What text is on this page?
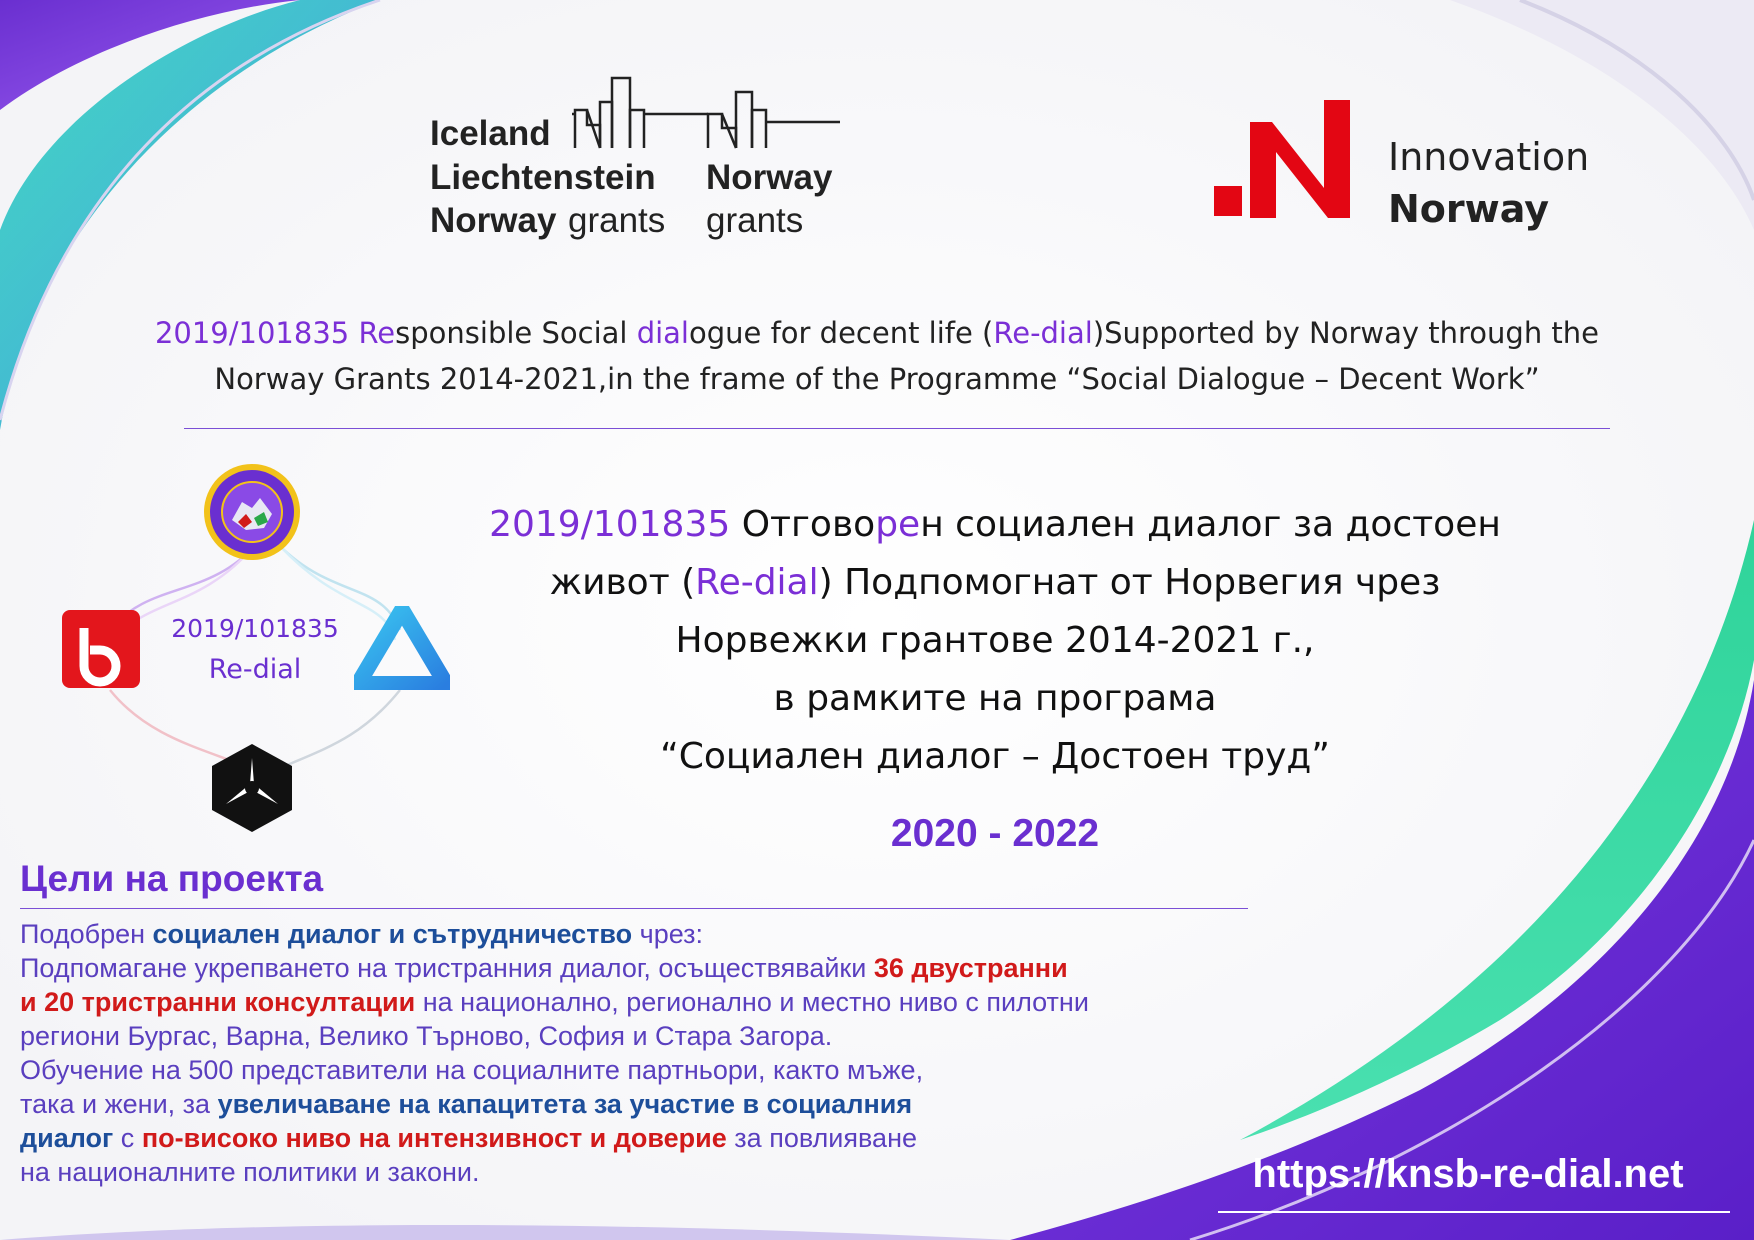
Iceland
Liechtenstein
Norway grants
Norway
grants
Innovation
Norway
2019/101835 Responsible Social dialogue for decent life (Re-dial)Supported by Norway through the
Norway Grants 2014-2021,in the frame of the Programme “Social Dialogue – Decent Work”
2019/101835
Re-dial
2019/101835 Отговорен социален диалог за достоен
живот (Re-dial) Подпомогнат от Норвегия чрез
Норвежки грантове 2014-2021 г.,
в рамките на програма
“Социален диалог – Достоен труд”
2020 - 2022
Цели на проекта

Подобрен социален диалог и сътрудничество чрез:

Подпомагане укрепването на тристранния диалог, осъществявайки 36 двустранни

и 20 тристранни консултации на национално, регионално и местно ниво с пилотни

региони Бургас, Варна, Велико Търново, София и Стара Загора.

Обучение на 500 представители на социалните партньори, както мъже,

така и жени, за увеличаване на капацитета за участие в социалния

диалог с по-високо ниво на интензивност и доверие за повлияване

на националните политики и закони.	https://knsb-re-dial.net
